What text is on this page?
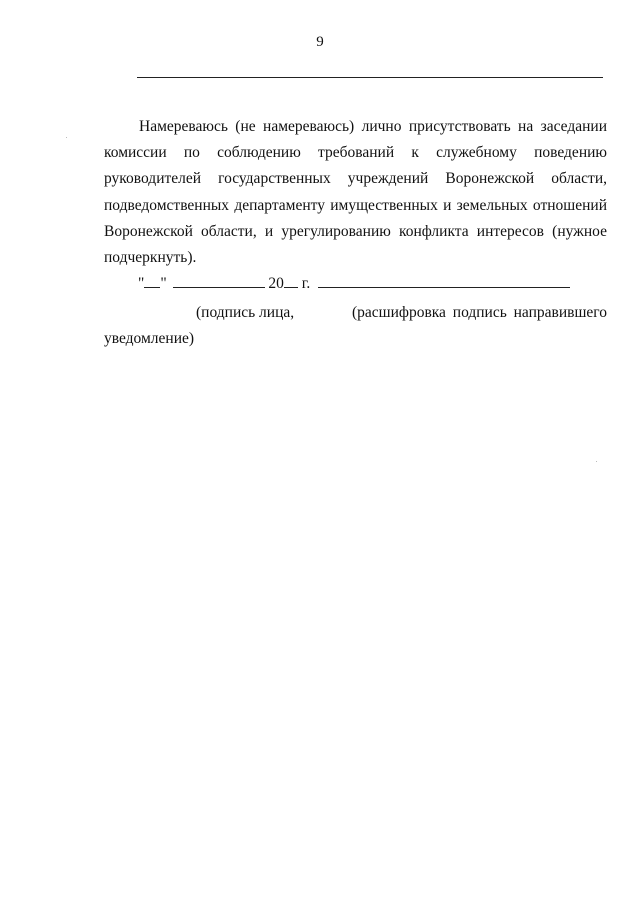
9
Намереваюсь (не намереваюсь) лично присутствовать на заседании комиссии по соблюдению требований к служебному поведению руководителей государственных учреждений Воронежской области, подведомственных департаменту имущественных и земельных отношений Воронежской области, и урегулированию конфликта интересов (нужное подчеркнуть).
" "	20 г.
(подпись лица,	(расшифровка подпись направившего
уведомление)
